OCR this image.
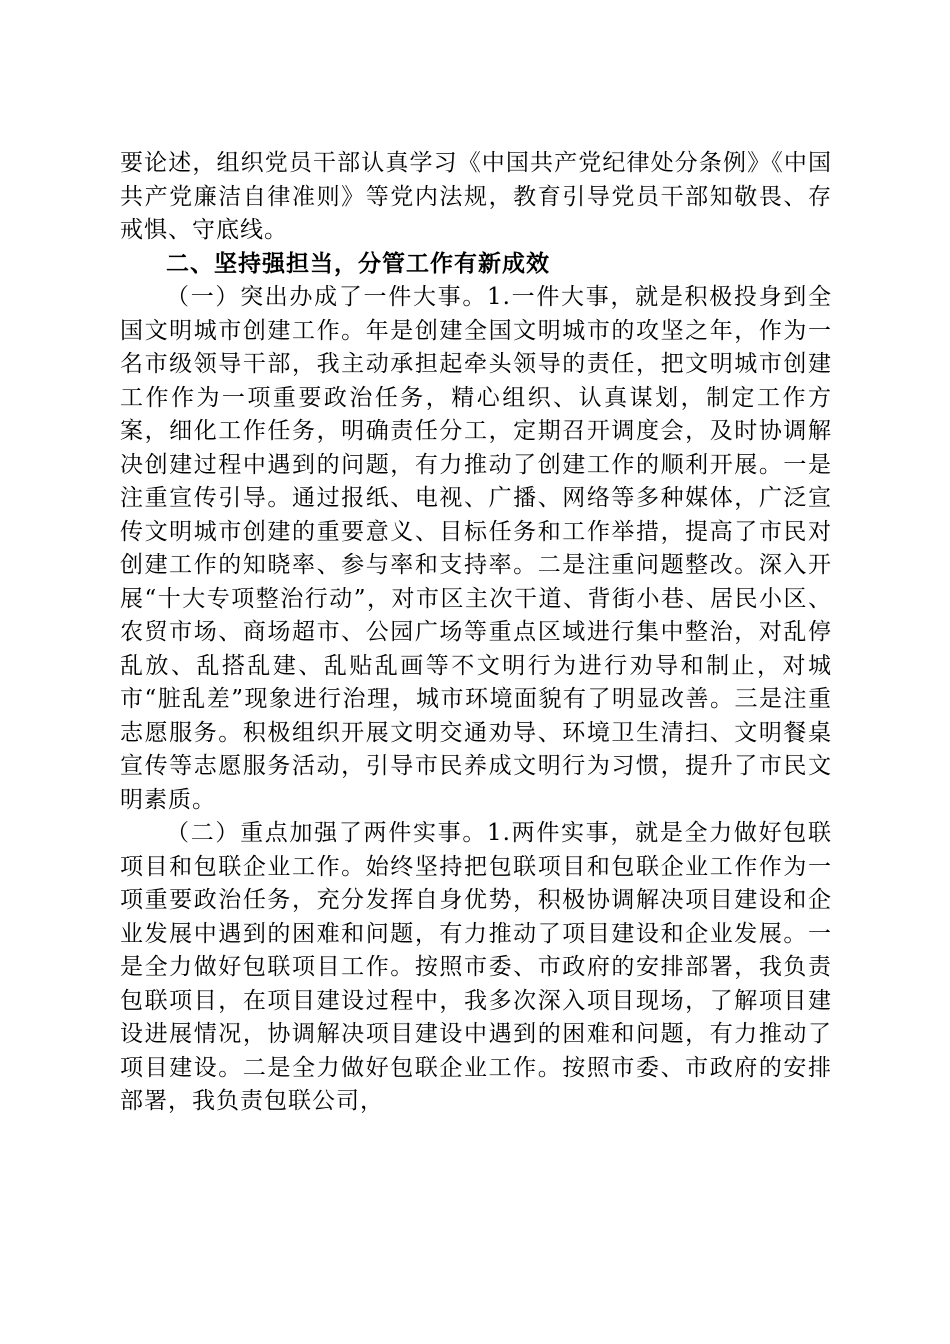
要论述，组织党员干部认真学习《中国共产党纪律处分条例》《中国共产党廉洁自律准则》等党内法规，教育引导党员干部知敬畏、存戒惧、守底线。

二、坚持强担当，分管工作有新成效

（一）突出办成了一件大事。1.一件大事，就是积极投身到全国文明城市创建工作。年是创建全国文明城市的攻坚之年，作为一名市级领导干部，我主动承担起牵头领导的责任，把文明城市创建工作作为一项重要政治任务，精心组织、认真谋划，制定工作方案，细化工作任务，明确责任分工，定期召开调度会，及时协调解决创建过程中遇到的问题，有力推动了创建工作的顺利开展。一是注重宣传引导。通过报纸、电视、广播、网络等多种媒体，广泛宣传文明城市创建的重要意义、目标任务和工作举措，提高了市民对创建工作的知晓率、参与率和支持率。二是注重问题整改。深入开展“十大专项整治行动”，对市区主次干道、背街小巷、居民小区、农贸市场、商场超市、公园广场等重点区域进行集中整治，对乱停乱放、乱搭乱建、乱贴乱画等不文明行为进行劝导和制止，对城市“脏乱差”现象进行治理，城市环境面貌有了明显改善。三是注重志愿服务。积极组织开展文明交通劝导、环境卫生清扫、文明餐桌宣传等志愿服务活动，引导市民养成文明行为习惯，提升了市民文明素质。

（二）重点加强了两件实事。1.两件实事，就是全力做好包联项目和包联企业工作。始终坚持把包联项目和包联企业工作作为一项重要政治任务，充分发挥自身优势，积极协调解决项目建设和企业发展中遇到的困难和问题，有力推动了项目建设和企业发展。一是全力做好包联项目工作。按照市委、市政府的安排部署，我负责包联项目，在项目建设过程中，我多次深入项目现场，了解项目建设进展情况，协调解决项目建设中遇到的困难和问题，有力推动了项目建设。二是全力做好包联企业工作。按照市委、市政府的安排部署，我负责包联公司，
